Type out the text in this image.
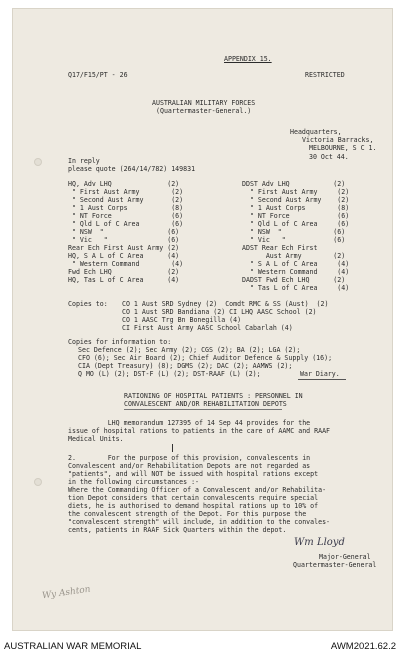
APPENDIX 15.
Q17/F15/PT - 26	RESTRICTED
AUSTRALIAN MILITARY FORCES
(Quartermaster-General.)
Headquarters,
Victoria Barracks,
MELBOURNE, S C 1.
30 Oct 44.
In reply
please quote (264/14/782) 149831
HQ, Adv LHQ              (2)
" First Aust Army        (2)
" Second Aust Army       (2)
" 1 Aust Corps           (8)
" NT Force               (6)
" Qld L of C Area        (6)
" NSW  "                (6)
" Vic   "               (6)
Rear Ech First Aust Army (2)
HQ, S A L of C Area      (4)
" Western Command        (4)
Fwd Ech LHQ              (2)
HQ, Tas L of C Area      (4)
DDST Adv LHQ           (2)
" First Aust Army     (2)
" Second Aust Army    (2)
" 1 Aust Corps        (8)
" NT Force            (6)
" Qld L of C Area     (6)
" NSW  "             (6)
" Vic   "            (6)
ADST Rear Ech First
Aust Army        (2)
" S A L of C Area     (4)
" Western Command     (4)
DADST Fwd Ech LHQ      (2)
" Tas L of C Area     (4)
Copies to: CO 1 Aust SRD Sydney (2)  Comdt RMC & SS (Aust)  (2)
CO 1 Aust SRD Bandiana (2) CI LHQ AASC School (2)
CO 1 AASC Trg Bn Bonegilla (4)
CI First Aust Army AASC School Cabarlah (4)
Copies for information to:
Sec Defence (2); Sec Army (2); CGS (2); BA (2); LGA (2);
CFO (6); Sec Air Board (2); Chief Auditor Defence & Supply (16);
CIA (Dept Treasury) (8); DGMS (2); DAC (2); AAMWS (2);
Q MO (L) (2); DST-F (L) (2); DST-RAAF (L) (2);	War Diary.
RATIONING OF HOSPITAL PATIENTS : PERSONNEL IN
CONVALESCENT AND/OR REHABILITATION DEPOTS
LHQ memorandum 127395 of 14 Sep 44 provides for the
issue of hospital rations to patients in the care of AAMC and RAAF
Medical Units.
2.        For the purpose of this provision, convalescents in
Convalescent and/or Rehabilitation Depots are not regarded as
"patients", and will NOT be issued with hospital rations except
in the following circumstances :-
Where the Commanding Officer of a Convalescent and/or Rehabilita-
tion Depot considers that certain convalescents require special
diets, he is authorised to demand hospital rations up to 10% of
the convalescent strength of the Depot. For this purpose the
"convalescent strength" will include, in addition to the convales-
cents, patients in RAAF Sick Quarters within the depot.
Wm Lloyd
Major-General
Quartermaster-General
Wy Ashton
AUSTRALIAN WAR MEMORIAL	AWM2021.62.2
